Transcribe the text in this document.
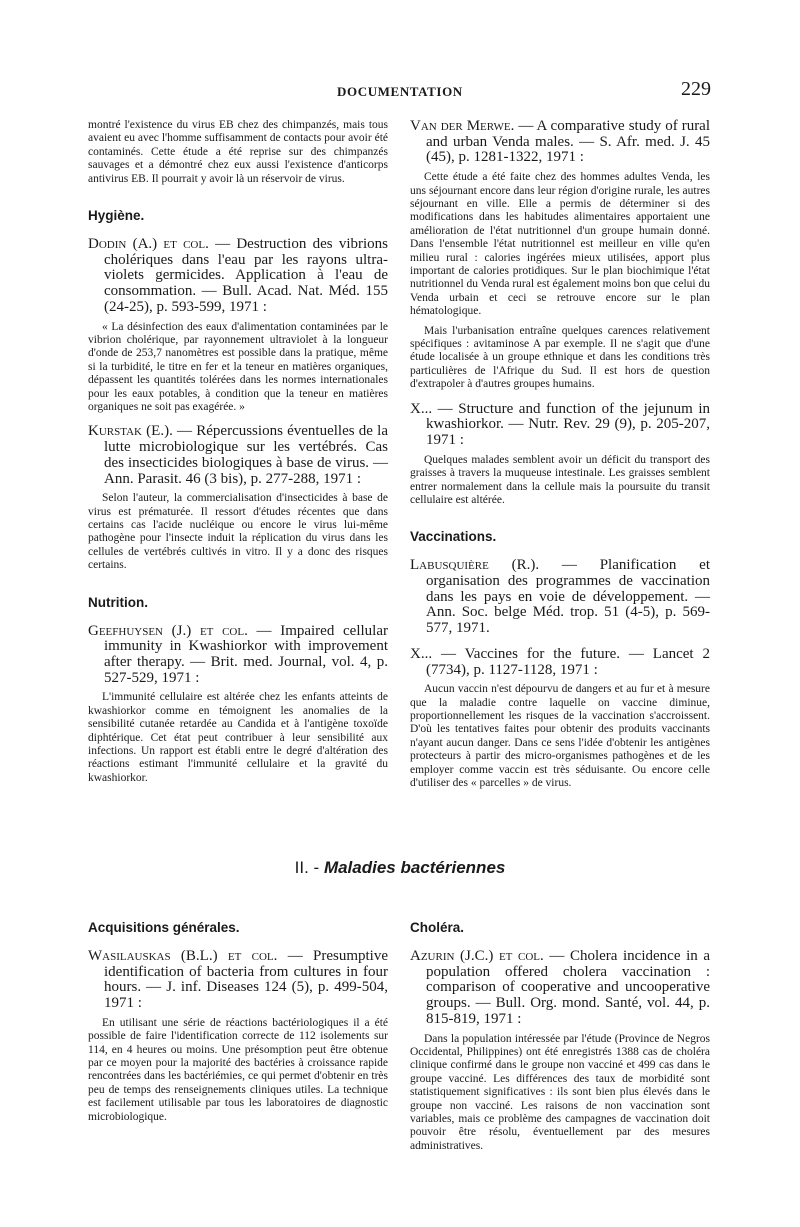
DOCUMENTATION	229

montré l'existence du virus EB chez des chimpanzés, mais tous avaient eu avec l'homme suffisamment de contacts pour avoir été contaminés. Cette étude a été reprise sur des chimpanzés sauvages et a démontré chez eux aussi l'existence d'anticorps antivirus EB. Il pourrait y avoir là un réservoir de virus.

Hygiène.

Dodin (A.) et col. — Destruction des vibrions cholériques dans l'eau par les rayons ultra-violets germicides. Application à l'eau de consommation. — Bull. Acad. Nat. Méd. 155 (24-25), p. 593-599, 1971 :

« La désinfection des eaux d'alimentation contaminées par le vibrion cholérique, par rayonnement ultraviolet à la longueur d'onde de 253,7 nanomètres est possible dans la pratique, même si la turbidité, le titre en fer et la teneur en matières organiques, dépassent les quantités tolérées dans les normes internationales pour les eaux potables, à condition que la teneur en matières organiques ne soit pas exagérée. »

Kurstak (E.). — Répercussions éventuelles de la lutte microbiologique sur les vertébrés. Cas des insecticides biologiques à base de virus. — Ann. Parasit. 46 (3 bis), p. 277-288, 1971 :

Selon l'auteur, la commercialisation d'insecticides à base de virus est prématurée. Il ressort d'études récentes que dans certains cas l'acide nucléique ou encore le virus lui-même pathogène pour l'insecte induit la réplication du virus dans les cellules de vertébrés cultivés in vitro. Il y a donc des risques certains.

Nutrition.

Geefhuysen (J.) et col. — Impaired cellular immunity in Kwashiorkor with improvement after therapy. — Brit. med. Journal, vol. 4, p. 527-529, 1971 :

L'immunité cellulaire est altérée chez les enfants atteints de kwashiorkor comme en témoignent les anomalies de la sensibilité cutanée retardée au Candida et à l'antigène toxoïde diphtérique. Cet état peut contribuer à leur sensibilité aux infections. Un rapport est établi entre le degré d'altération des réactions estimant l'immunité cellulaire et la gravité du kwashiorkor.

Van der Merwe. — A comparative study of rural and urban Venda males. — S. Afr. med. J. 45 (45), p. 1281-1322, 1971 :

Cette étude a été faite chez des hommes adultes Venda, les uns séjournant encore dans leur région d'origine rurale, les autres séjournant en ville. Elle a permis de déterminer si des modifications dans les habitudes alimentaires apportaient une amélioration de l'état nutritionnel d'un groupe humain donné. Dans l'ensemble l'état nutritionnel est meilleur en ville qu'en milieu rural : calories ingérées mieux utilisées, apport plus important de calories protidiques. Sur le plan biochimique l'état nutritionnel du Venda rural est également moins bon que celui du Venda urbain et ceci se retrouve encore sur le plan hématologique.

Mais l'urbanisation entraîne quelques carences relativement spécifiques : avitaminose A par exemple. Il ne s'agit que d'une étude localisée à un groupe ethnique et dans les conditions très particulières de l'Afrique du Sud. Il est hors de question d'extrapoler à d'autres groupes humains.

X... — Structure and function of the jejunum in kwashiorkor. — Nutr. Rev. 29 (9), p. 205-207, 1971 :

Quelques malades semblent avoir un déficit du transport des graisses à travers la muqueuse intestinale. Les graisses semblent entrer normalement dans la cellule mais la poursuite du transit cellulaire est altérée.

Vaccinations.

Labusquière (R.). — Planification et organisation des programmes de vaccination dans les pays en voie de développement. — Ann. Soc. belge Méd. trop. 51 (4-5), p. 569-577, 1971.

X... — Vaccines for the future. — Lancet 2 (7734), p. 1127-1128, 1971 :

Aucun vaccin n'est dépourvu de dangers et au fur et à mesure que la maladie contre laquelle on vaccine diminue, proportionnellement les risques de la vaccination s'accroissent. D'où les tentatives faites pour obtenir des produits vaccinants n'ayant aucun danger. Dans ce sens l'idée d'obtenir les antigènes protecteurs à partir des micro-organismes pathogènes et de les employer comme vaccin est très séduisante. Ou encore celle d'utiliser des « parcelles » de virus.

II. - Maladies bactériennes
Acquisitions générales.

Wasilauskas (B.L.) et col. — Presumptive identification of bacteria from cultures in four hours. — J. inf. Diseases 124 (5), p. 499-504, 1971 :

En utilisant une série de réactions bactériologiques il a été possible de faire l'identification correcte de 112 isolements sur 114, en 4 heures ou moins. Une présomption peut être obtenue par ce moyen pour la majorité des bactéries à croissance rapide rencontrées dans les bactériémies, ce qui permet d'obtenir en très peu de temps des renseignements cliniques utiles. La technique est facilement utilisable par tous les laboratoires de diagnostic microbiologique.

Choléra.

Azurin (J.C.) et col. — Cholera incidence in a population offered cholera vaccination : comparison of cooperative and uncooperative groups. — Bull. Org. mond. Santé, vol. 44, p. 815-819, 1971 :

Dans la population intéressée par l'étude (Province de Negros Occidental, Philippines) ont été enregistrés 1388 cas de choléra clinique confirmé dans le groupe non vacciné et 499 cas dans le groupe vacciné. Les différences des taux de morbidité sont statistiquement significatives : ils sont bien plus élevés dans le groupe non vacciné. Les raisons de non vaccination sont variables, mais ce problème des campagnes de vaccination doit pouvoir être résolu, éventuellement par des mesures administratives.
